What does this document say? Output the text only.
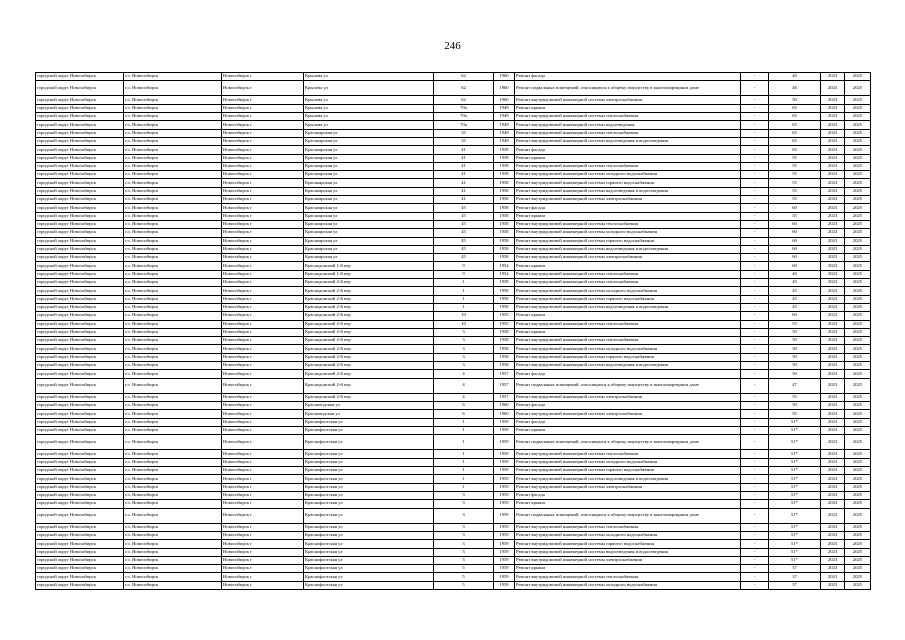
246
городской округ Новосибирск	г.о. Новосибирск	Новосибирск г	Крылова ул	62	1960	Ремонт фасада	-	40	2023	2025
городской округ Новосибирск	г.о. Новосибирск	Новосибирск г	Крылова ул	62	1960	Ремонт подвальных помещений, относящихся к общему имуществу в многоквартирном доме	-	46	2023	2025
городской округ Новосибирск	г.о. Новосибирск	Новосибирск г	Крылова ул	62	1960	Ремонт внутридомовой инженерной системы электроснабжения	-	50	2023	2025
городской округ Новосибирск	г.о. Новосибирск	Новосибирск г	Крылова ул	70а	1949	Ремонт крыши	-	65	2023	2025
городской округ Новосибирск	г.о. Новосибирск	Новосибирск г	Крылова ул	70а	1949	Ремонт внутридомовой инженерной системы теплоснабжения	-	65	2023	2025
городской округ Новосибирск	г.о. Новосибирск	Новосибирск г	Крылова ул	70а	1949	Ремонт внутридомовой инженерной системы водоотведения	-	65	2023	2025
городской округ Новосибирск	г.о. Новосибирск	Новосибирск г	Красноярская ул	35	1949	Ремонт внутридомовой инженерной системы теплоснабжения	-	65	2023	2025
городской округ Новосибирск	г.о. Новосибирск	Новосибирск г	Красноярская ул	35	1949	Ремонт внутридомовой инженерной системы водоотведения и водоотведения	-	65	2023	2025
городской округ Новосибирск	г.о. Новосибирск	Новосибирск г	Красноярская ул	41	1958	Ремонт фасада	-	65	2023	2025
городской округ Новосибирск	г.о. Новосибирск	Новосибирск г	Красноярская ул	41	1958	Ремонт крыши	-	55	2023	2025
городской округ Новосибирск	г.о. Новосибирск	Новосибирск г	Красноярская ул	41	1958	Ремонт внутридомовой инженерной системы теплоснабжения	-	55	2023	2025
городской округ Новосибирск	г.о. Новосибирск	Новосибирск г	Красноярская ул	41	1958	Ремонт внутридомовой инженерной системы холодного водоснабжения	-	55	2023	2025
городской округ Новосибирск	г.о. Новосибирск	Новосибирск г	Красноярская ул	41	1958	Ремонт внутридомовой инженерной системы горячего водоснабжения	-	55	2023	2025
городской округ Новосибирск	г.о. Новосибирск	Новосибирск г	Красноярская ул	41	1958	Ремонт внутридомовой инженерной системы водоотведения и водоотведения	-	55	2023	2025
городской округ Новосибирск	г.о. Новосибирск	Новосибирск г	Красноярская ул	41	1958	Ремонт внутридомовой инженерной системы электроснабжения	-	55	2023	2025
городской округ Новосибирск	г.о. Новосибирск	Новосибирск г	Красноярская ул	45	1958	Ремонт фасада	-	60	2023	2025
городской округ Новосибирск	г.о. Новосибирск	Новосибирск г	Красноярская ул	45	1958	Ремонт крыши	-	55	2023	2025
городской округ Новосибирск	г.о. Новосибирск	Новосибирск г	Красноярская ул	45	1958	Ремонт внутридомовой инженерной системы теплоснабжения	-	60	2023	2025
городской округ Новосибирск	г.о. Новосибирск	Новосибирск г	Красноярская ул	45	1958	Ремонт внутридомовой инженерной системы холодного водоснабжения	-	60	2023	2025
городской округ Новосибирск	г.о. Новосибирск	Новосибирск г	Красноярская ул	45	1958	Ремонт внутридомовой инженерной системы горячего водоснабжения	-	60	2023	2025
городской округ Новосибирск	г.о. Новосибирск	Новосибирск г	Красноярская ул	45	1958	Ремонт внутридомовой инженерной системы водоотведения и водоотведения	-	60	2023	2025
городской округ Новосибирск	г.о. Новосибирск	Новосибирск г	Красноярская ул	45	1958	Ремонт внутридомовой инженерной системы электроснабжения	-	60	2023	2025
городской округ Новосибирск	г.о. Новосибирск	Новосибирск г	Краснодонский 1-й пер	9	1954	Ремонт крыши	-	60	2023	2025
городской округ Новосибирск	г.о. Новосибирск	Новосибирск г	Краснодонский 1-й пер	9	1954	Ремонт внутридомовой инженерной системы теплоснабжения	-	40	2023	2025
городской округ Новосибирск	г.о. Новосибирск	Новосибирск г	Краснодонский 2-й пер	1	1958	Ремонт внутридомовой инженерной системы теплоснабжения	-	45	2023	2025
городской округ Новосибирск	г.о. Новосибирск	Новосибирск г	Краснодонский 2-й пер	1	1958	Ремонт внутридомовой инженерной системы холодного водоснабжения	-	45	2023	2025
городской округ Новосибирск	г.о. Новосибирск	Новосибирск г	Краснодонский 2-й пер	1	1958	Ремонт внутридомовой инженерной системы горячего водоснабжения	-	45	2023	2025
городской округ Новосибирск	г.о. Новосибирск	Новосибирск г	Краснодонский 2-й пер	1	1958	Ремонт внутридомовой инженерной системы водоотведения и водоотведения	-	45	2023	2025
городской округ Новосибирск	г.о. Новосибирск	Новосибирск г	Краснодонский 2-й пер	10	1955	Ремонт крыши	-	60	2023	2025
городской округ Новосибирск	г.о. Новосибирск	Новосибирск г	Краснодонский 2-й пер	10	1955	Ремонт внутридомовой инженерной системы теплоснабжения	-	55	2023	2025
городской округ Новосибирск	г.о. Новосибирск	Новосибирск г	Краснодонский 2-й пер	3	1958	Ремонт крыши	-	50	2023	2025
городской округ Новосибирск	г.о. Новосибирск	Новосибирск г	Краснодонский 2-й пер	3	1958	Ремонт внутридомовой инженерной системы теплоснабжения	-	50	2023	2025
городской округ Новосибирск	г.о. Новосибирск	Новосибирск г	Краснодонский 2-й пер	3	1958	Ремонт внутридомовой инженерной системы холодного водоснабжения	-	50	2023	2025
городской округ Новосибирск	г.о. Новосибирск	Новосибирск г	Краснодонский 2-й пер	3	1958	Ремонт внутридомовой инженерной системы горячего водоснабжения	-	50	2023	2025
городской округ Новосибирск	г.о. Новосибирск	Новосибирск г	Краснодонский 2-й пер	3	1958	Ремонт внутридомовой инженерной системы водоотведения и водоотведения	-	50	2023	2025
городской округ Новосибирск	г.о. Новосибирск	Новосибирск г	Краснодонский 2-й пер	4	1957	Ремонт фасада	-	50	2023	2025
городской округ Новосибирск	г.о. Новосибирск	Новосибирск г	Краснодонский 2-й пер	4	1957	Ремонт подвальных помещений, относящихся к общему имуществу в многоквартирном доме	-	47	2023	2025
городской округ Новосибирск	г.о. Новосибирск	Новосибирск г	Краснодонский 2-й пер	4	1957	Ремонт внутридомовой инженерной системы электроснабжения	-	55	2023	2025
городской округ Новосибирск	г.о. Новосибирск	Новосибирск г	Красноводская ул	6	1960	Ремонт фасада	-	50	2023	2025
городской округ Новосибирск	г.о. Новосибирск	Новосибирск г	Красноводская ул	6	1960	Ремонт внутридомовой инженерной системы электроснабжения	-	55	2023	2025
городской округ Новосибирск	г.о. Новосибирск	Новосибирск г	Краснофлотская ул	1	1959	Ремонт фасада	-	51*	2023	2025
городской округ Новосибирск	г.о. Новосибирск	Новосибирск г	Краснофлотская ул	1	1959	Ремонт крыши	-	51*	2023	2025
городской округ Новосибирск	г.о. Новосибирск	Новосибирск г	Краснофлотская ул	1	1959	Ремонт подвальных помещений, относящихся к общему имуществу в многоквартирном доме	-	51*	2023	2025
городской округ Новосибирск	г.о. Новосибирск	Новосибирск г	Краснофлотская ул	1	1959	Ремонт внутридомовой инженерной системы теплоснабжения	-	51*	2023	2025
городской округ Новосибирск	г.о. Новосибирск	Новосибирск г	Краснофлотская ул	1	1959	Ремонт внутридомовой инженерной системы холодного водоснабжения	-	51*	2023	2025
городской округ Новосибирск	г.о. Новосибирск	Новосибирск г	Краснофлотская ул	1	1959	Ремонт внутридомовой инженерной системы горячего водоснабжения	-	51*	2023	2025
городской округ Новосибирск	г.о. Новосибирск	Новосибирск г	Краснофлотская ул	1	1959	Ремонт внутридомовой инженерной системы водоотведения и водоотведения	-	51*	2023	2025
городской округ Новосибирск	г.о. Новосибирск	Новосибирск г	Краснофлотская ул	1	1959	Ремонт внутридомовой инженерной системы электроснабжения	-	51*	2023	2025
городской округ Новосибирск	г.о. Новосибирск	Новосибирск г	Краснофлотская ул	3	1959	Ремонт фасада	-	51*	2023	2025
городской округ Новосибирск	г.о. Новосибирск	Новосибирск г	Краснофлотская ул	3	1959	Ремонт крыши	-	51*	2023	2025
городской округ Новосибирск	г.о. Новосибирск	Новосибирск г	Краснофлотская ул	3	1959	Ремонт подвальных помещений, относящихся к общему имуществу в многоквартирном доме	-	51*	2023	2025
городской округ Новосибирск	г.о. Новосибирск	Новосибирск г	Краснофлотская ул	3	1959	Ремонт внутридомовой инженерной системы теплоснабжения	-	51*	2023	2025
городской округ Новосибирск	г.о. Новосибирск	Новосибирск г	Краснофлотская ул	3	1959	Ремонт внутридомовой инженерной системы холодного водоснабжения	-	51*	2023	2025
городской округ Новосибирск	г.о. Новосибирск	Новосибирск г	Краснофлотская ул	3	1959	Ремонт внутридомовой инженерной системы горячего водоснабжения	-	51*	2023	2025
городской округ Новосибирск	г.о. Новосибирск	Новосибирск г	Краснофлотская ул	3	1959	Ремонт внутридомовой инженерной системы водоотведения и водоотведения	-	51*	2023	2025
городской округ Новосибирск	г.о. Новосибирск	Новосибирск г	Краснофлотская ул	3	1959	Ремонт внутридомовой инженерной системы электроснабжения	-	51*	2023	2025
городской округ Новосибирск	г.о. Новосибирск	Новосибирск г	Краснофлотская ул	5	1959	Ремонт крыши	-	37	2023	2025
городской округ Новосибирск	г.о. Новосибирск	Новосибирск г	Краснофлотская ул	5	1959	Ремонт внутридомовой инженерной системы теплоснабжения	-	37	2023	2025
городской округ Новосибирск	г.о. Новосибирск	Новосибирск г	Краснофлотская ул	5	1959	Ремонт внутридомовой инженерной системы холодного водоснабжения	-	37	2023	2025
